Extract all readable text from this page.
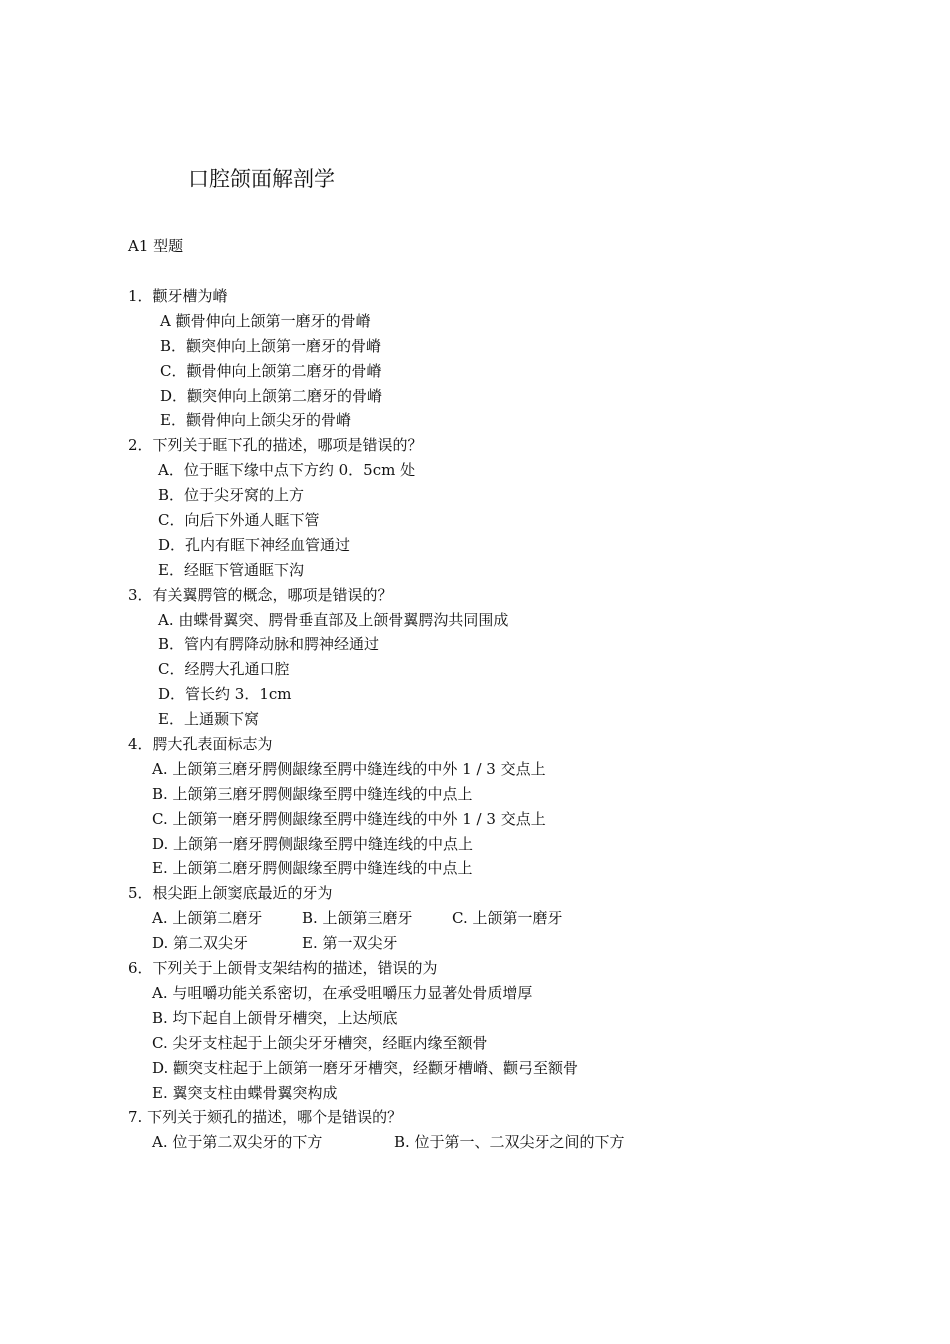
口腔颌面解剖学
A1 型题
1．颧牙槽为嵴
A 颧骨伸向上颌第一磨牙的骨嵴
B．颧突伸向上颌第一磨牙的骨嵴
C．颧骨伸向上颌第二磨牙的骨嵴
D．颧突伸向上颌第二磨牙的骨嵴
E．颧骨伸向上颌尖牙的骨嵴
2．下列关于眶下孔的描述，哪项是错误的？
A．位于眶下缘中点下方约 0．5cm 处
B．位于尖牙窝的上方
C．向后下外通人眶下管
D．孔内有眶下神经血管通过
E．经眶下管通眶下沟
3．有关翼腭管的概念，哪项是错误的？
A. 由蝶骨翼突、腭骨垂直部及上颌骨翼腭沟共同围成
B．管内有腭降动脉和腭神经通过
C．经腭大孔通口腔
D．管长约 3．1cm
E．上通颞下窝
4．腭大孔表面标志为
A. 上颌第三磨牙腭侧龈缘至腭中缝连线的中外 1 / 3 交点上
B. 上颌第三磨牙腭侧龈缘至腭中缝连线的中点上
C. 上颌第一磨牙腭侧龈缘至腭中缝连线的中外 1 / 3 交点上
D. 上颌第一磨牙腭侧龈缘至腭中缝连线的中点上
E. 上颌第二磨牙腭侧龈缘至腭中缝连线的中点上
5．根尖距上颌窦底最近的牙为
A. 上颌第二磨牙	B. 上颌第三磨牙	C. 上颌第一磨牙
D. 第二双尖牙	E. 第一双尖牙
6．下列关于上颌骨支架结构的描述，错误的为
A. 与咀嚼功能关系密切，在承受咀嚼压力显著处骨质增厚
B. 均下起自上颌骨牙槽突，上达颅底
C. 尖牙支柱起于上颌尖牙牙槽突，经眶内缘至额骨
D. 颧突支柱起于上颌第一磨牙牙槽突，经颧牙槽嵴、颧弓至额骨
E. 翼突支柱由蝶骨翼突构成
7. 下列关于颏孔的描述，哪个是错误的？
A. 位于第二双尖牙的下方	B. 位于第一、二双尖牙之间的下方
